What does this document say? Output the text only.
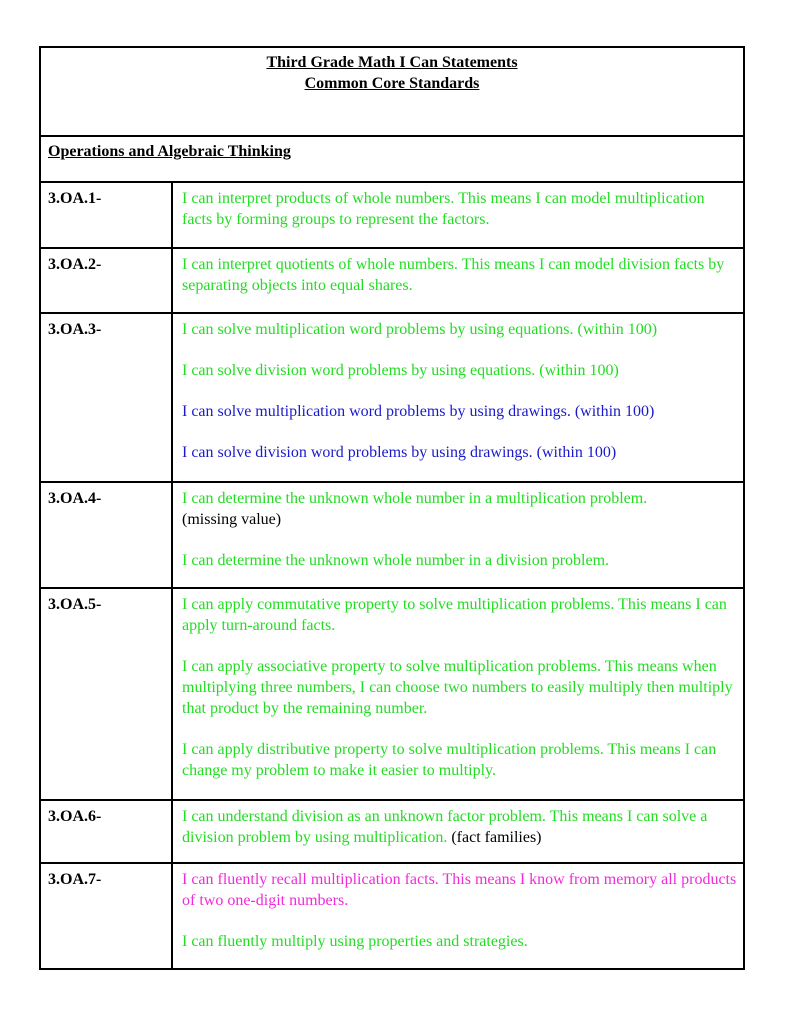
Third Grade Math I Can Statements
Common Core Standards
Operations and Algebraic Thinking
3.OA.1-	I can interpret products of whole numbers. This means I can model multiplication facts by forming groups to represent the factors.
3.OA.2-	I can interpret quotients of whole numbers. This means I can model division facts by separating objects into equal shares.
3.OA.3-	I can solve multiplication word problems by using equations. (within 100)
I can solve division word problems by using equations. (within 100)
I can solve multiplication word problems by using drawings. (within 100)
I can solve division word problems by using drawings. (within 100)
3.OA.4-	I can determine the unknown whole number in a multiplication problem.
(missing value)
I can determine the unknown whole number in a division problem.
3.OA.5-	I can apply commutative property to solve multiplication problems. This means I can apply turn-around facts.
I can apply associative property to solve multiplication problems. This means when multiplying three numbers, I can choose two numbers to easily multiply then multiply that product by the remaining number.
I can apply distributive property to solve multiplication problems. This means I can change my problem to make it easier to multiply.
3.OA.6-	I can understand division as an unknown factor problem. This means I can solve a division problem by using multiplication. (fact families)
3.OA.7-	I can fluently recall multiplication facts. This means I know from memory all products of two one-digit numbers.
I can fluently multiply using properties and strategies.
